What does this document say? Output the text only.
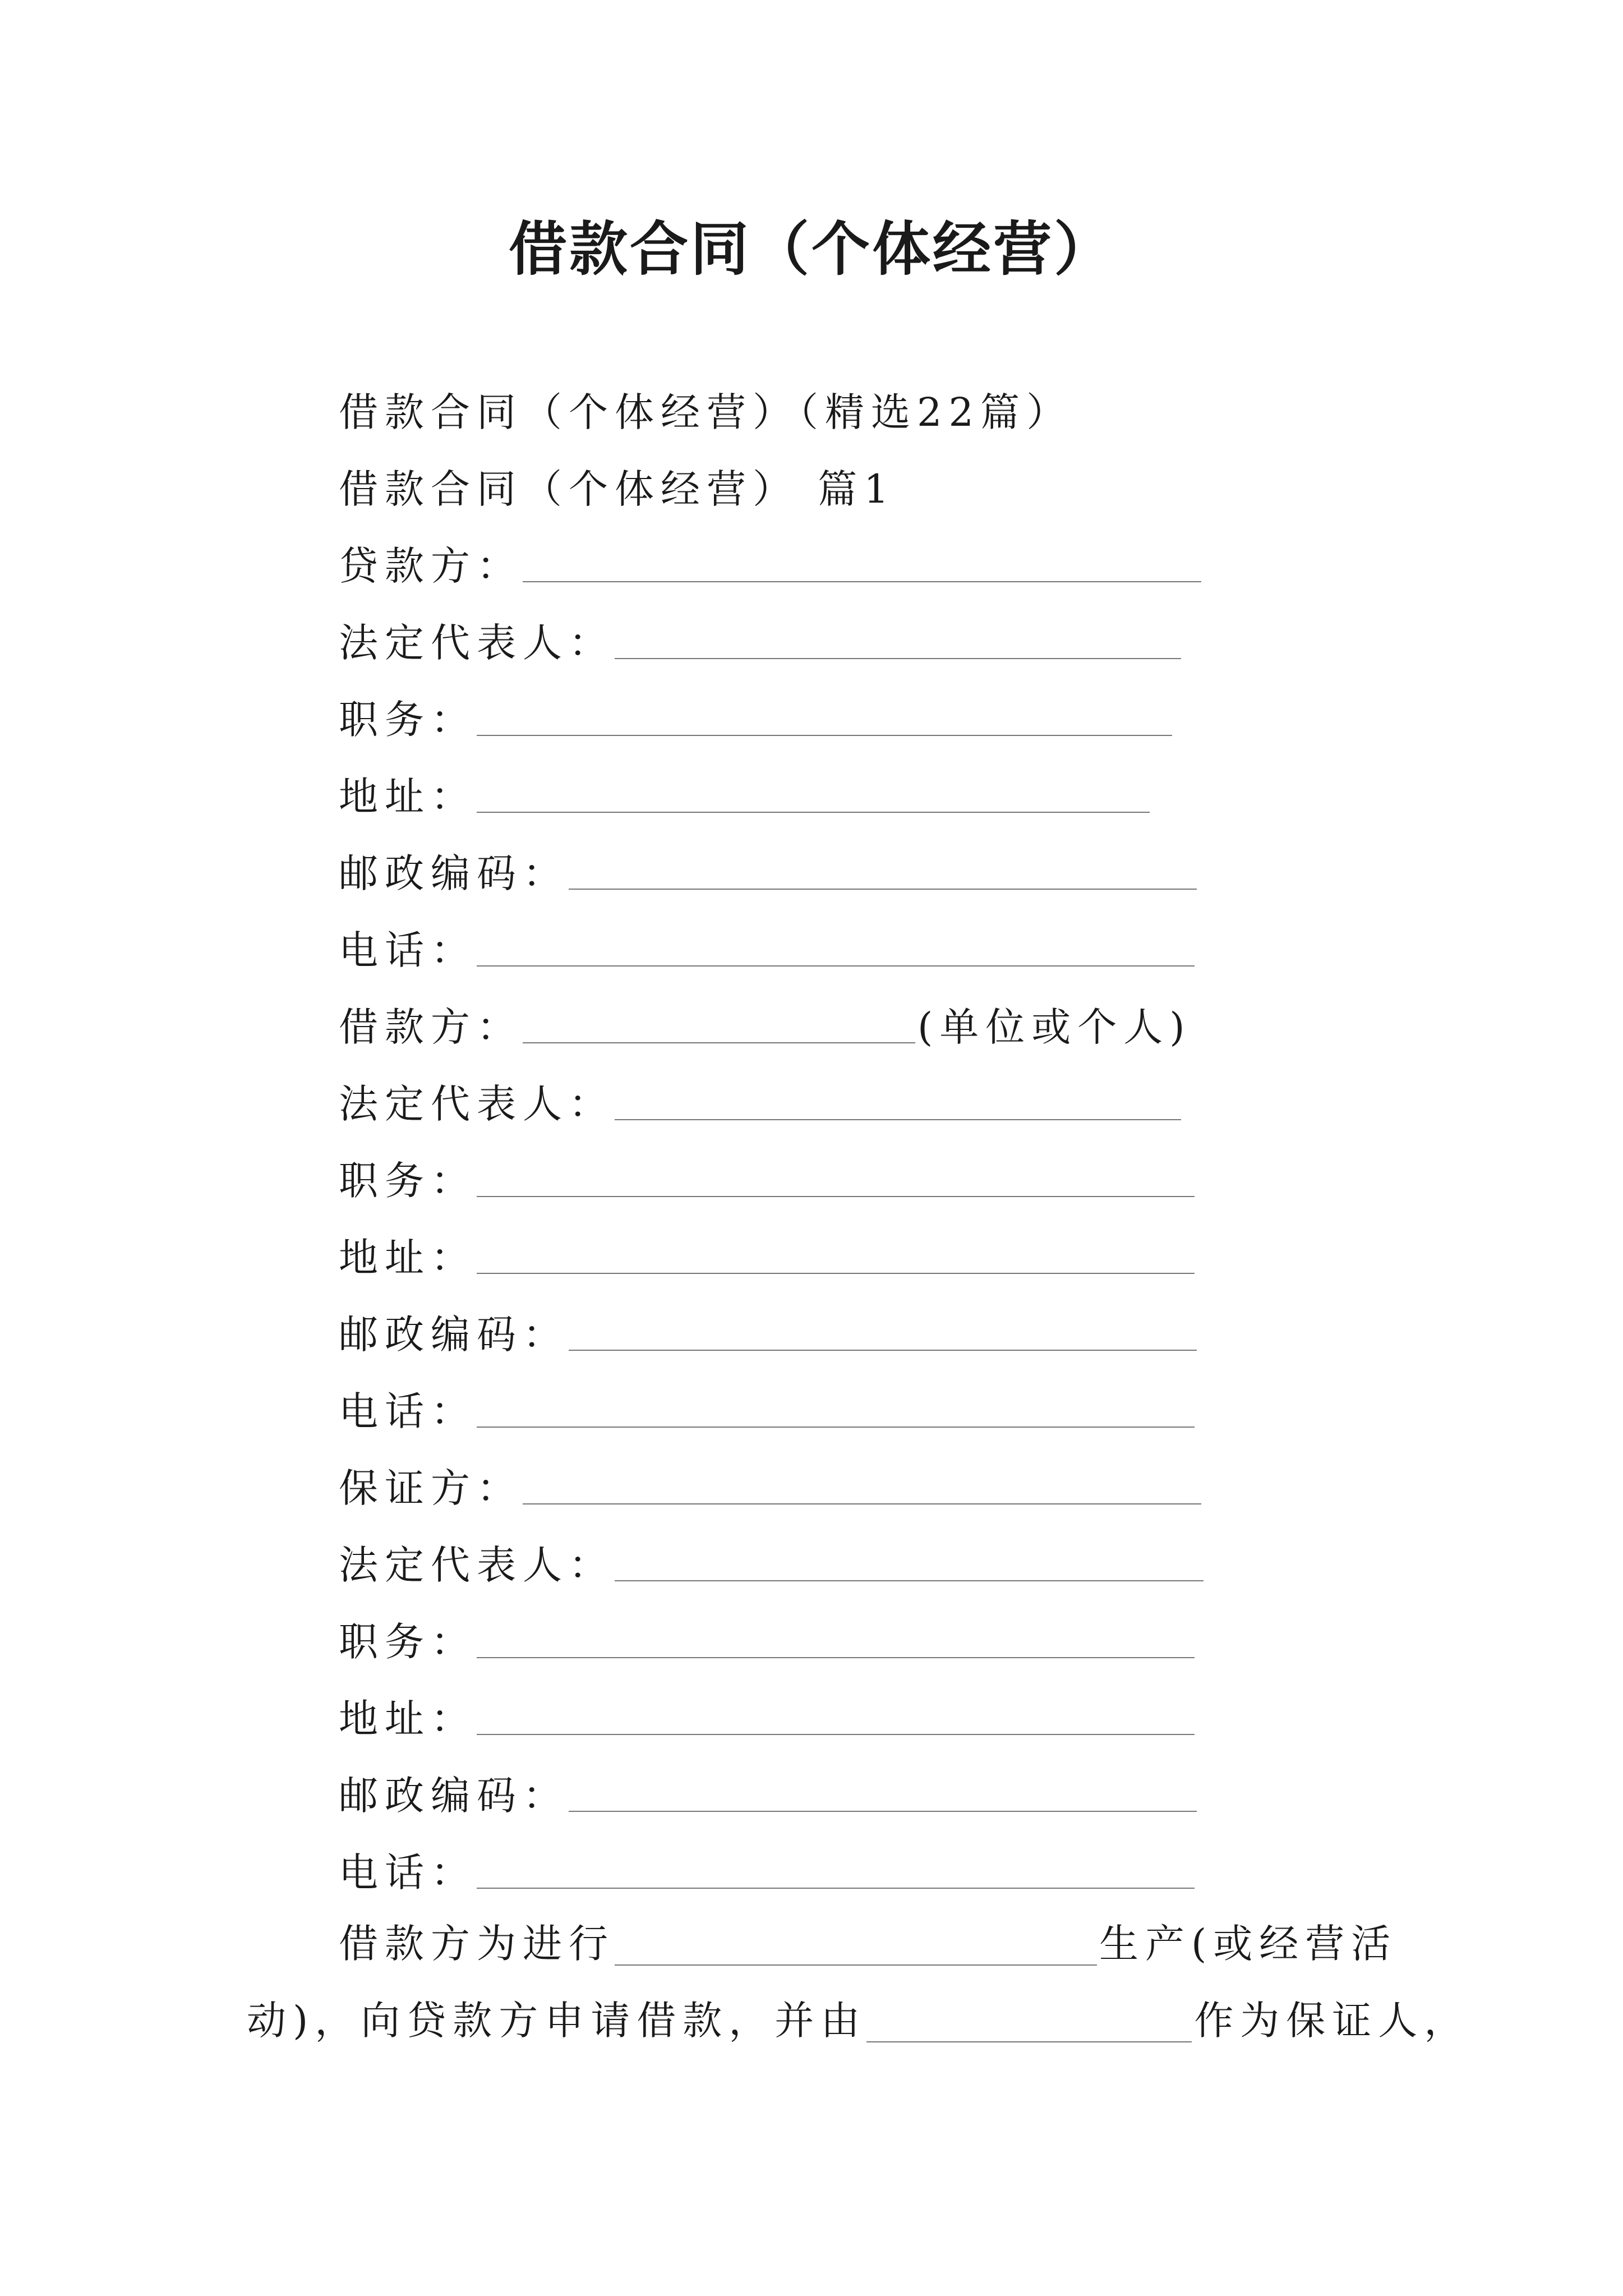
借款合同（个体经营）
借款合同（个体经营）（精选22篇）
借款合同（个体经营） 篇1
贷款方：
法定代表人：
职务：
地址：
邮政编码：
电话：
借款方：	(单位或个人)
法定代表人：
职务：
地址：
邮政编码：
电话：
保证方：
法定代表人：
职务：
地址：
邮政编码：
电话：
借款方为进行	生产(或经营活
动)，向贷款方申请借款，并由	作为保证人，
